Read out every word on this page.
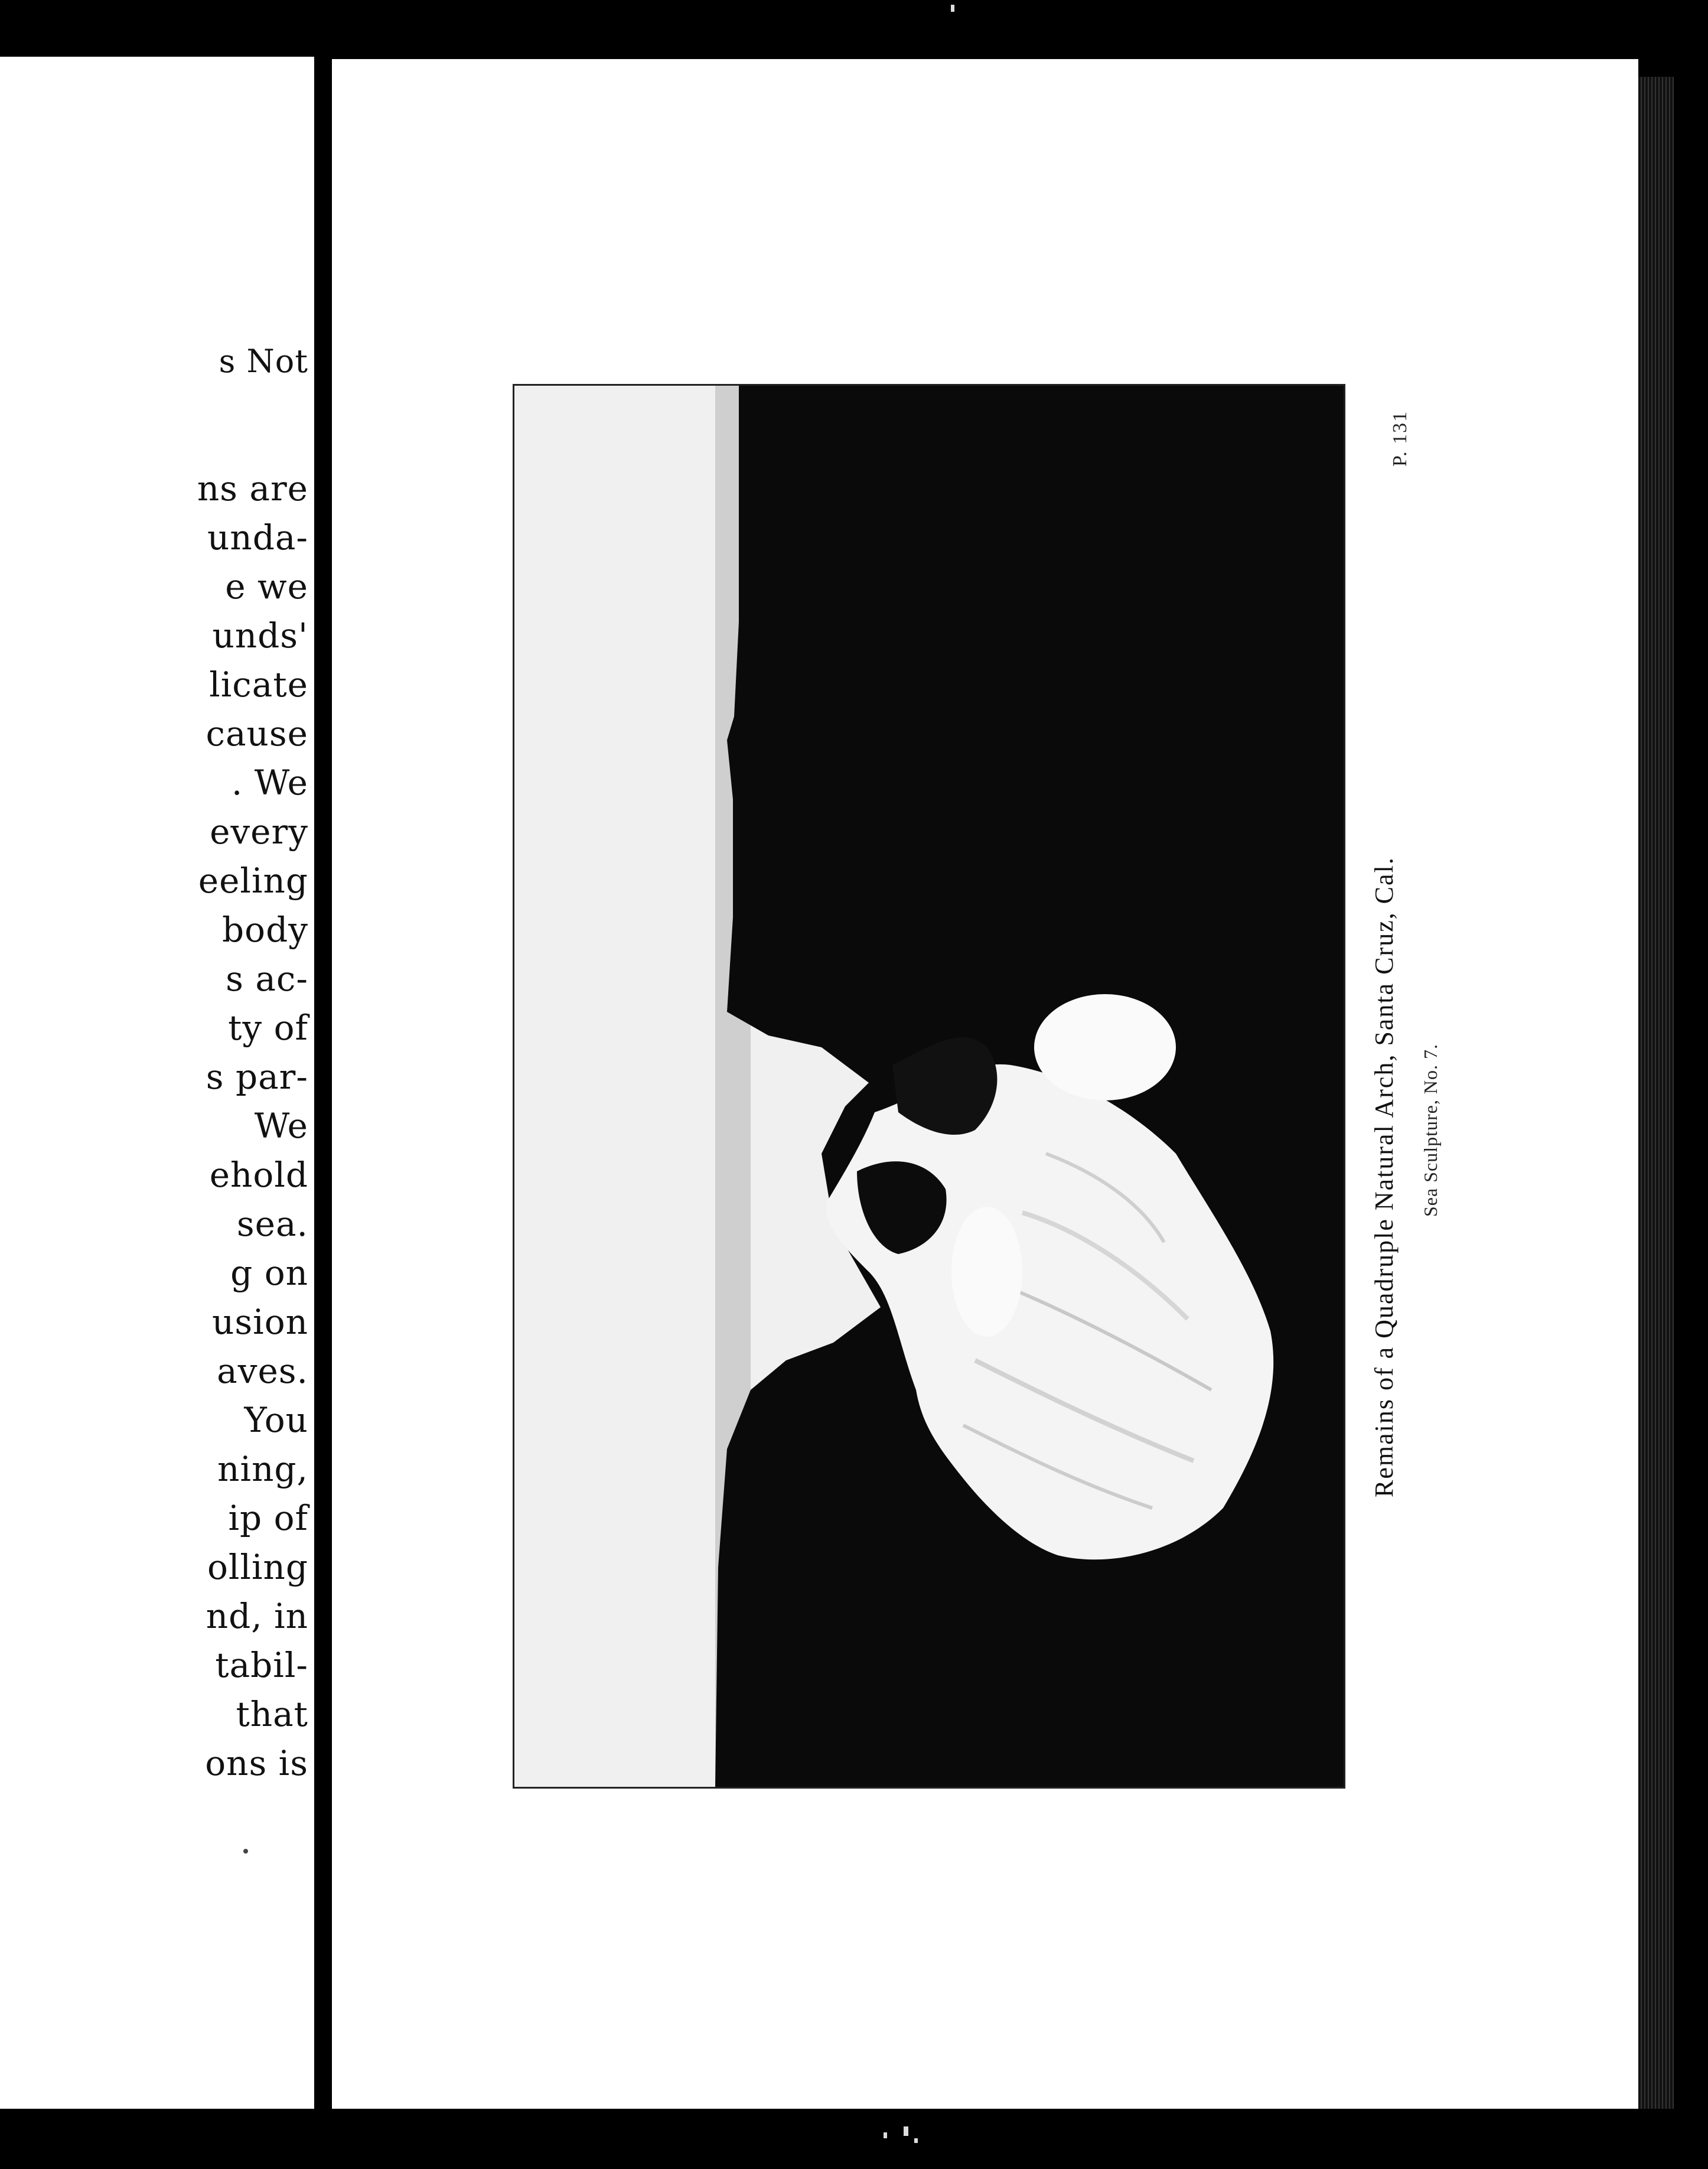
s Not
ns are
unda-
e we
unds'
licate
cause
. We
every
eeling
body
s ac-
ty of
s par-
We
ehold
sea.
g on
usion
aves.
You
ning,
ip of
olling
nd, in
tabil-
that
ons is
Remains of a Quadruple Natural Arch, Santa Cruz, Cal. Sea Sculpture, No. 7.
P. 131
